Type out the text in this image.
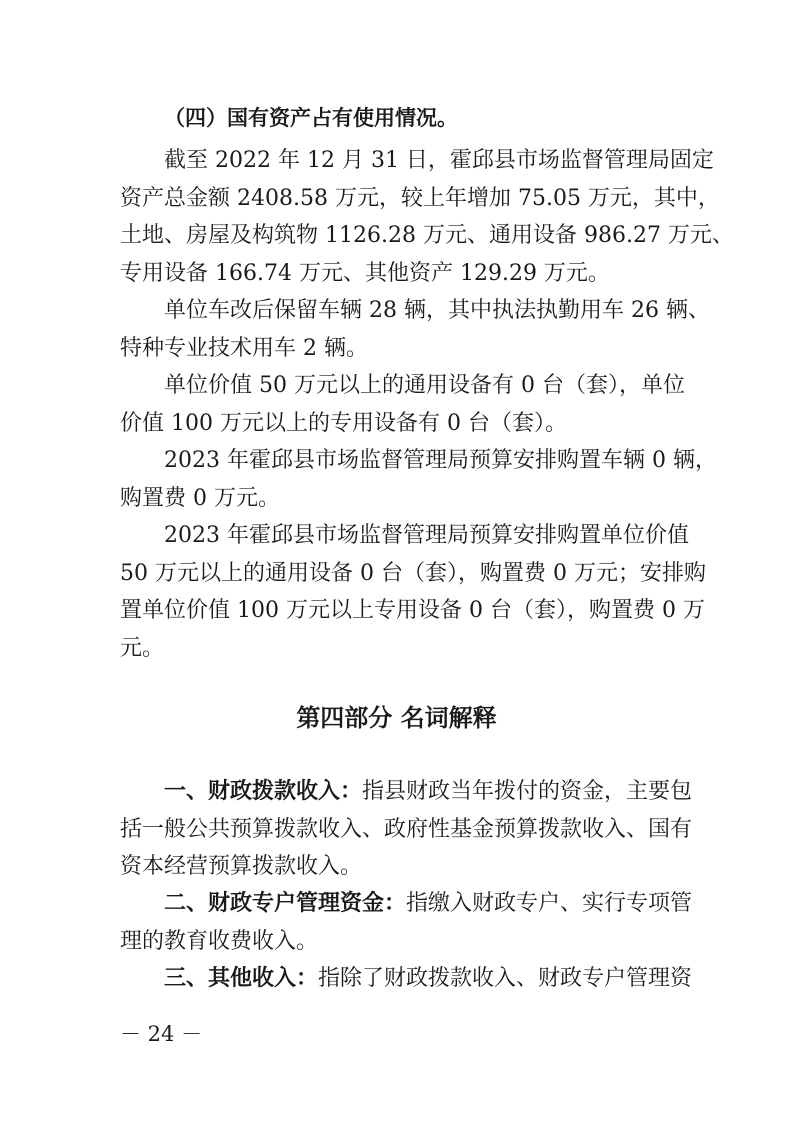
（四）国有资产占有使用情况。

截至 2022 年 12 月 31 日，霍邱县市场监督管理局固定
资产总金额 2408.58 万元，较上年增加 75.05 万元，其中，
土地、房屋及构筑物 1126.28 万元、通用设备 986.27 万元、
专用设备 166.74 万元、其他资产 129.29 万元。

单位车改后保留车辆 28 辆，其中执法执勤用车 26 辆、
特种专业技术用车 2 辆。

单位价值 50 万元以上的通用设备有 0 台（套），单位
价值 100 万元以上的专用设备有 0 台（套）。

2023 年霍邱县市场监督管理局预算安排购置车辆 0 辆，
购置费 0 万元。

2023 年霍邱县市场监督管理局预算安排购置单位价值
50 万元以上的通用设备 0 台（套），购置费 0 万元；安排购
置单位价值 100 万元以上专用设备 0 台（套），购置费 0 万
元。

第四部分 名词解释

一、财政拨款收入：指县财政当年拨付的资金，主要包
括一般公共预算拨款收入、政府性基金预算拨款收入、国有
资本经营预算拨款收入。

二、财政专户管理资金：指缴入财政专户、实行专项管
理的教育收费收入。

三、其他收入：指除了财政拨款收入、财政专户管理资

－ 24 －
